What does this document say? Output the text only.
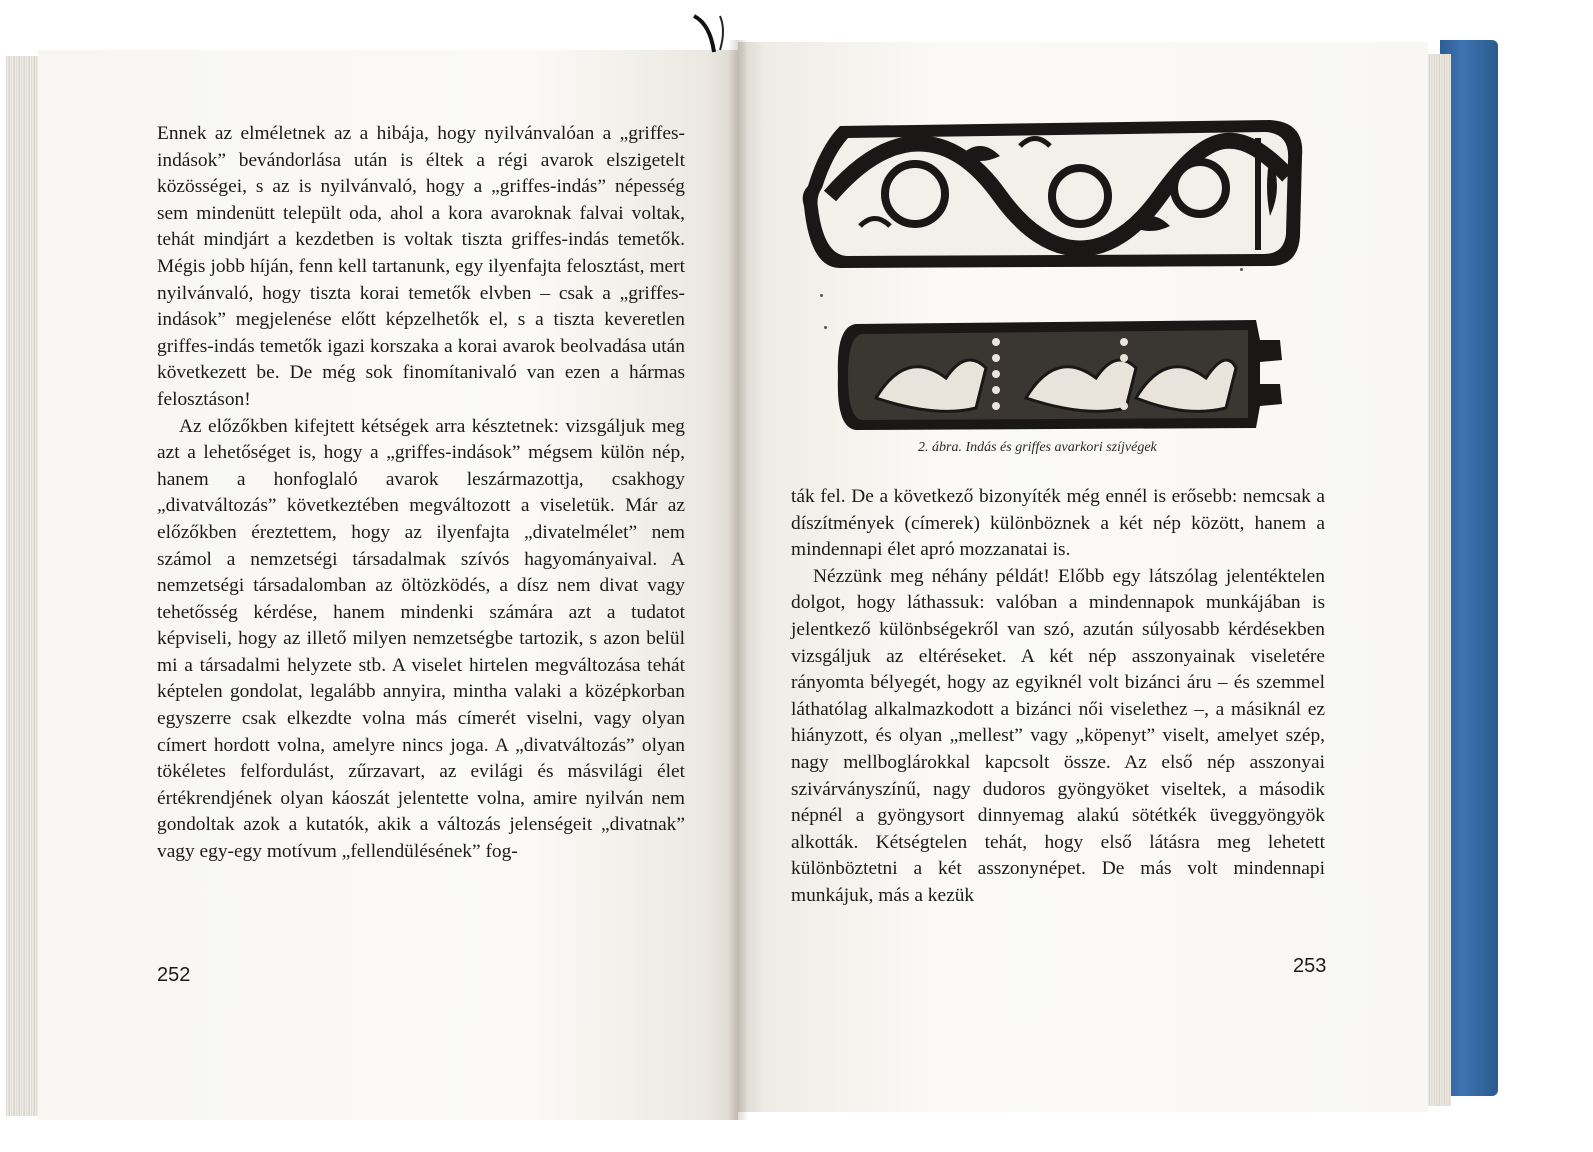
Ennek az elméletnek az a hibája, hogy nyilvánvalóan a „griffes-indások” bevándorlása után is éltek a régi avarok elszigetelt közösségei, s az is nyilvánvaló, hogy a „griffes-indás” népesség sem mindenütt települt oda, ahol a kora avaroknak falvai voltak, tehát mindjárt a kezdetben is voltak tiszta griffes-indás temetők. Mégis jobb híján, fenn kell tartanunk, egy ilyenfajta felosztást, mert nyilvánvaló, hogy tiszta korai temetők elvben – csak a „griffes-indások” megjelenése előtt képzelhetők el, s a tiszta keveretlen griffes-indás temetők igazi korszaka a korai avarok beolvadása után következett be. De még sok finomítanivaló van ezen a hármas felosztáson!

Az előzőkben kifejtett kétségek arra késztetnek: vizsgáljuk meg azt a lehetőséget is, hogy a „griffes-indások” mégsem külön nép, hanem a honfoglaló avarok leszármazottja, csakhogy „divatváltozás” következtében megváltozott a viseletük. Már az előzőkben éreztettem, hogy az ilyenfajta „divatelmélet” nem számol a nemzetségi társadalmak szívós hagyományaival. A nemzetségi társadalomban az öltözködés, a dísz nem divat vagy tehetősség kérdése, hanem mindenki számára azt a tudatot képviseli, hogy az illető milyen nemzetségbe tartozik, s azon belül mi a társadalmi helyzete stb. A viselet hirtelen megváltozása tehát képtelen gondolat, legalább annyira, mintha valaki a középkorban egyszerre csak elkezdte volna más címerét viselni, vagy olyan címert hordott volna, amelyre nincs joga. A „divatváltozás” olyan tökéletes felfordulást, zűrzavart, az evilági és másvilági élet értékrendjének olyan káoszát jelentette volna, amire nyilván nem gondoltak azok a kutatók, akik a változás jelenségeit „divatnak” vagy egy-egy motívum „fellendülésének” fog-

252
2. ábra. Indás és griffes avarkori szíjvégek

ták fel. De a következő bizonyíték még ennél is erősebb: nemcsak a díszítmények (címerek) különböznek a két nép között, hanem a mindennapi élet apró mozzanatai is.

Nézzünk meg néhány példát! Előbb egy látszólag jelentéktelen dolgot, hogy láthassuk: valóban a mindennapok munkájában is jelentkező különbségekről van szó, azután súlyosabb kérdésekben vizsgáljuk az eltéréseket. A két nép asszonyainak viseletére rányomta bélyegét, hogy az egyiknél volt bizánci áru – és szemmel láthatólag alkalmazkodott a bizánci női viselethez –, a másiknál ez hiányzott, és olyan „mellest” vagy „köpenyt” viselt, amelyet szép, nagy mellboglárokkal kapcsolt össze. Az első nép asszonyai szivárványszínű, nagy dudoros gyöngyöket viseltek, a második népnél a gyöngysort dinnyemag alakú sötétkék üveggyöngyök alkották. Kétségtelen tehát, hogy első látásra meg lehetett különböztetni a két asszonynépet. De más volt mindennapi munkájuk, más a kezük

253
